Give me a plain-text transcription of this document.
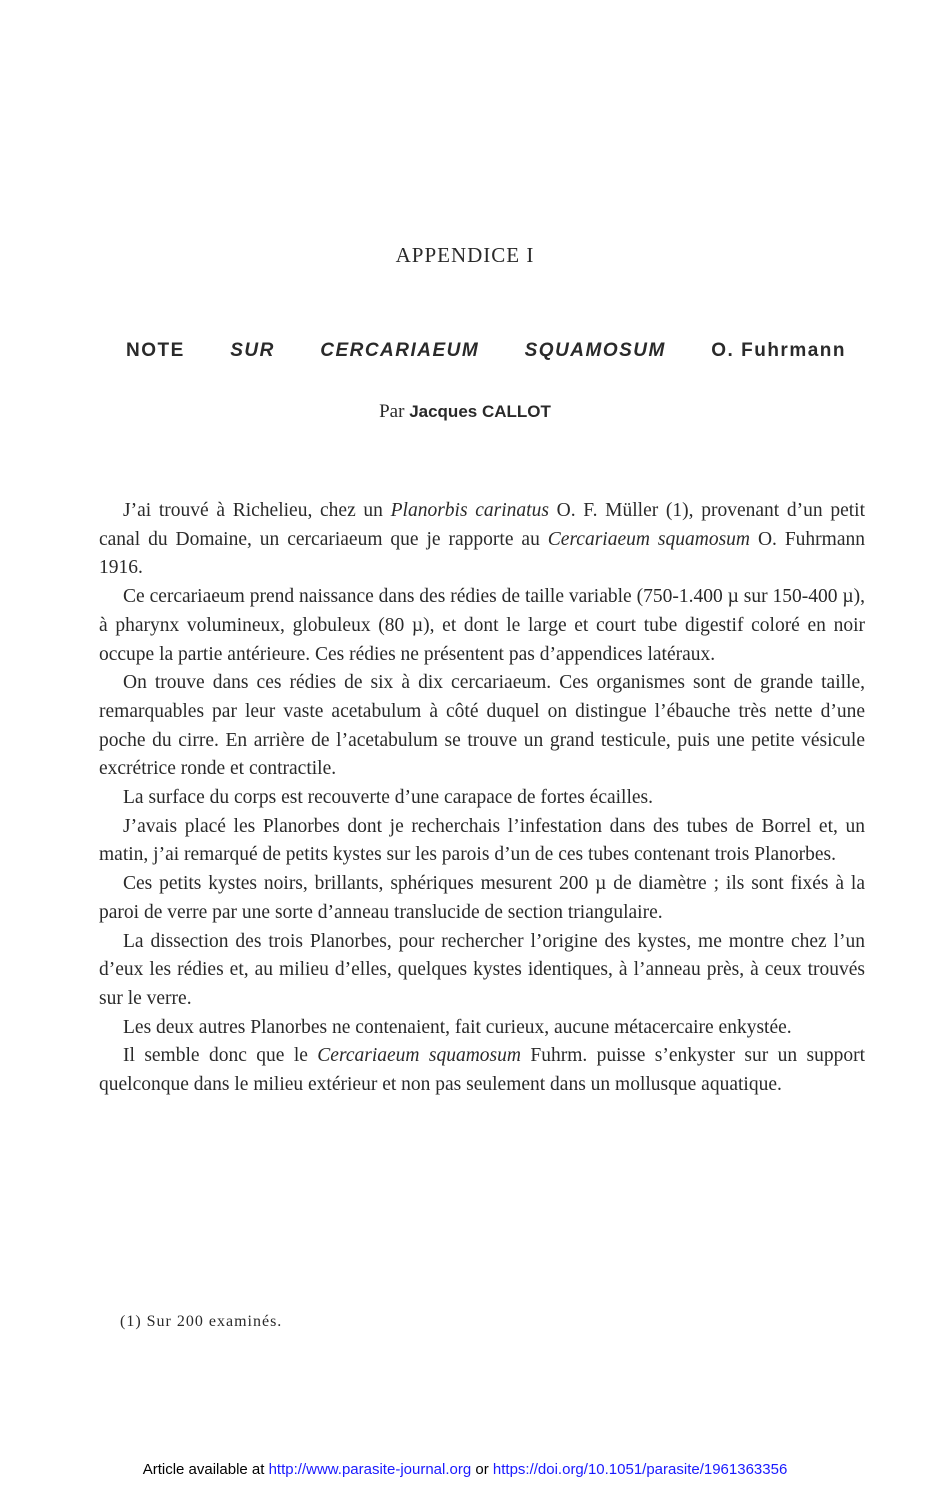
APPENDICE I
NOTE SUR CERCARIAEUM SQUAMOSUM O. Fuhrmann
Par Jacques CALLOT

J’ai trouvé à Richelieu, chez un Planorbis carinatus O. F. Müller (1), provenant d’un petit canal du Domaine, un cercariaeum que je rapporte au Cercariaeum squamosum O. Fuhrmann 1916.

Ce cercariaeum prend naissance dans des rédies de taille variable (750-1.400 µ sur 150-400 µ), à pharynx volumineux, globuleux (80 µ), et dont le large et court tube digestif coloré en noir occupe la partie antérieure. Ces rédies ne présentent pas d’appendices latéraux.

On trouve dans ces rédies de six à dix cercariaeum. Ces organismes sont de grande taille, remarquables par leur vaste acetabulum à côté duquel on distingue l’ébauche très nette d’une poche du cirre. En arrière de l’acetabulum se trouve un grand testicule, puis une petite vésicule excrétrice ronde et contractile.

La surface du corps est recouverte d’une carapace de fortes écailles.

J’avais placé les Planorbes dont je recherchais l’infestation dans des tubes de Borrel et, un matin, j’ai remarqué de petits kystes sur les parois d’un de ces tubes contenant trois Planorbes.

Ces petits kystes noirs, brillants, sphériques mesurent 200 µ de diamètre ; ils sont fixés à la paroi de verre par une sorte d’anneau translucide de section triangulaire.

La dissection des trois Planorbes, pour rechercher l’origine des kystes, me montre chez l’un d’eux les rédies et, au milieu d’elles, quelques kystes identiques, à l’anneau près, à ceux trouvés sur le verre.

Les deux autres Planorbes ne contenaient, fait curieux, aucune métacercaire enkystée.

Il semble donc que le Cercariaeum squamosum Fuhrm. puisse s’enkyster sur un support quelconque dans le milieu extérieur et non pas seulement dans un mollusque aquatique.

(1) Sur 200 examinés.
Article available at http://www.parasite-journal.org or https://doi.org/10.1051/parasite/1961363356
